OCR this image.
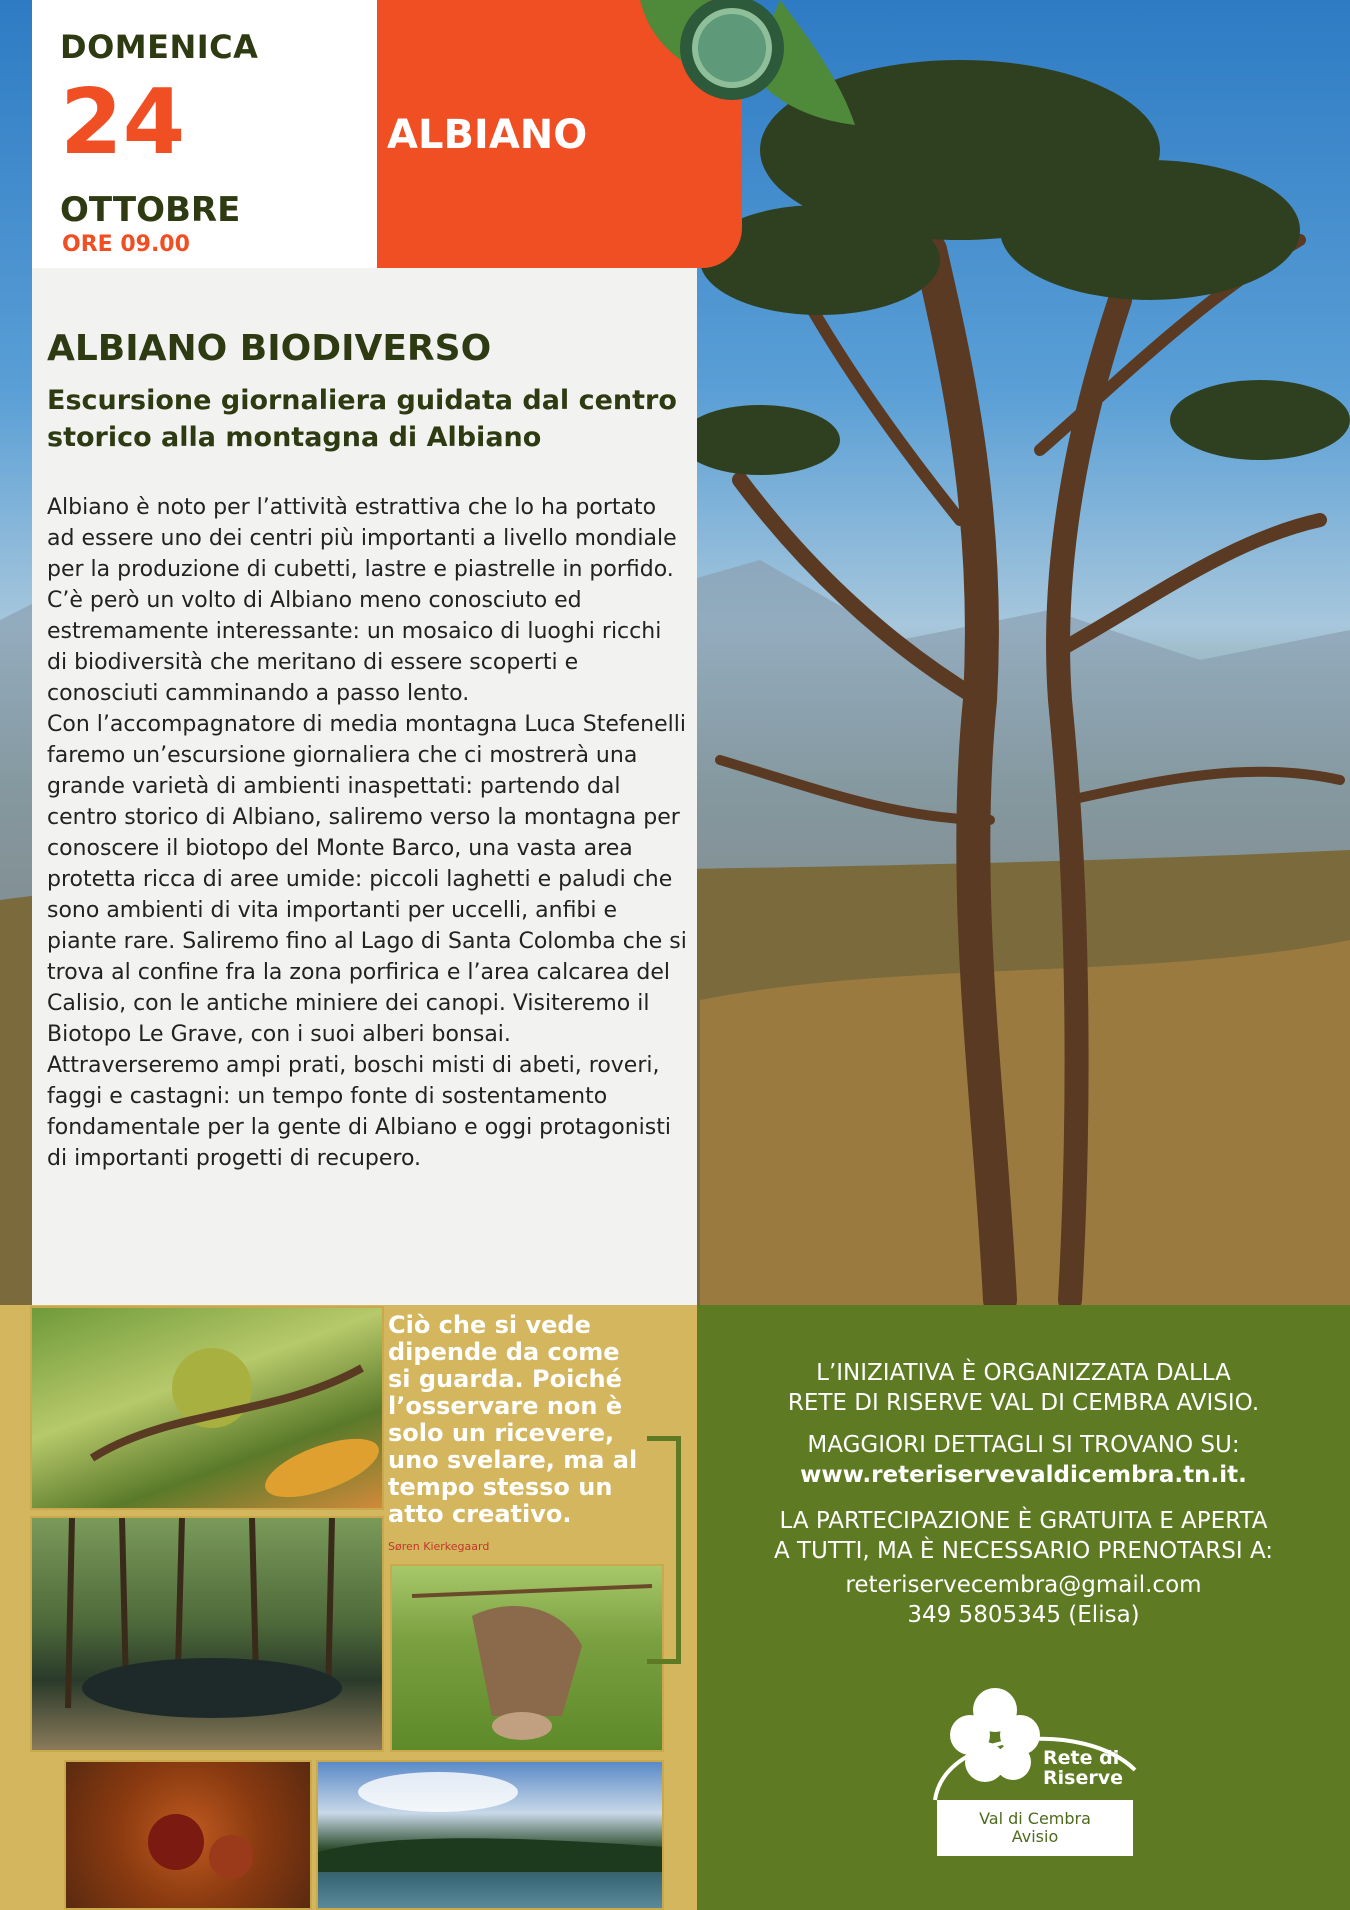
DOMENICA
24
OTTOBRE
ORE 09.00
ALBIANO
ALBIANO BIODIVERSO
Escursione giornaliera guidata dal centro storico alla montagna di Albiano

Albiano è noto per l’attività estrattiva che lo ha portato ad essere uno dei centri più importanti a livello mondiale per la produzione di cubetti, lastre e piastrelle in porfido.

C’è però un volto di Albiano meno conosciuto ed estremamente interessante: un mosaico di luoghi ricchi di biodiversità che meritano di essere scoperti e conosciuti camminando a passo lento.

Con l’accompagnatore di media montagna Luca Stefenelli faremo un’escursione giornaliera che ci mostrerà una grande varietà di ambienti inaspettati: partendo dal centro storico di Albiano, saliremo verso la montagna per conoscere il biotopo del Monte Barco, una vasta area protetta ricca di aree umide: piccoli laghetti e paludi che sono ambienti di vita importanti per uccelli, anfibi e piante rare. Saliremo fino al Lago di Santa Colomba che si trova al confine fra la zona porfirica e l’area calcarea del Calisio, con le antiche miniere dei canopi. Visiteremo il Biotopo Le Grave, con i suoi alberi bonsai. Attraverseremo ampi prati, boschi misti di abeti, roveri, faggi e castagni: un tempo fonte di sostentamento fondamentale per la gente di Albiano e oggi protagonisti di importanti progetti di recupero.

Ciò che si vede dipende da come si guarda. Poiché l’osservare non è solo un ricevere, uno svelare, ma al tempo stesso un atto creativo.
Søren Kierkegaard
L’INIZIATIVA È ORGANIZZATA DALLA
RETE DI RISERVE VAL DI CEMBRA AVISIO.
MAGGIORI DETTAGLI SI TROVANO SU:
www.reteriservevaldicembra.tn.it.
LA PARTECIPAZIONE È GRATUITA E APERTA
A TUTTI, MA È NECESSARIO PRENOTARSI A:
reteriservecembra@gmail.com
349 5805345 (Elisa)
Rete di
Riserve
Val di Cembra
Avisio
